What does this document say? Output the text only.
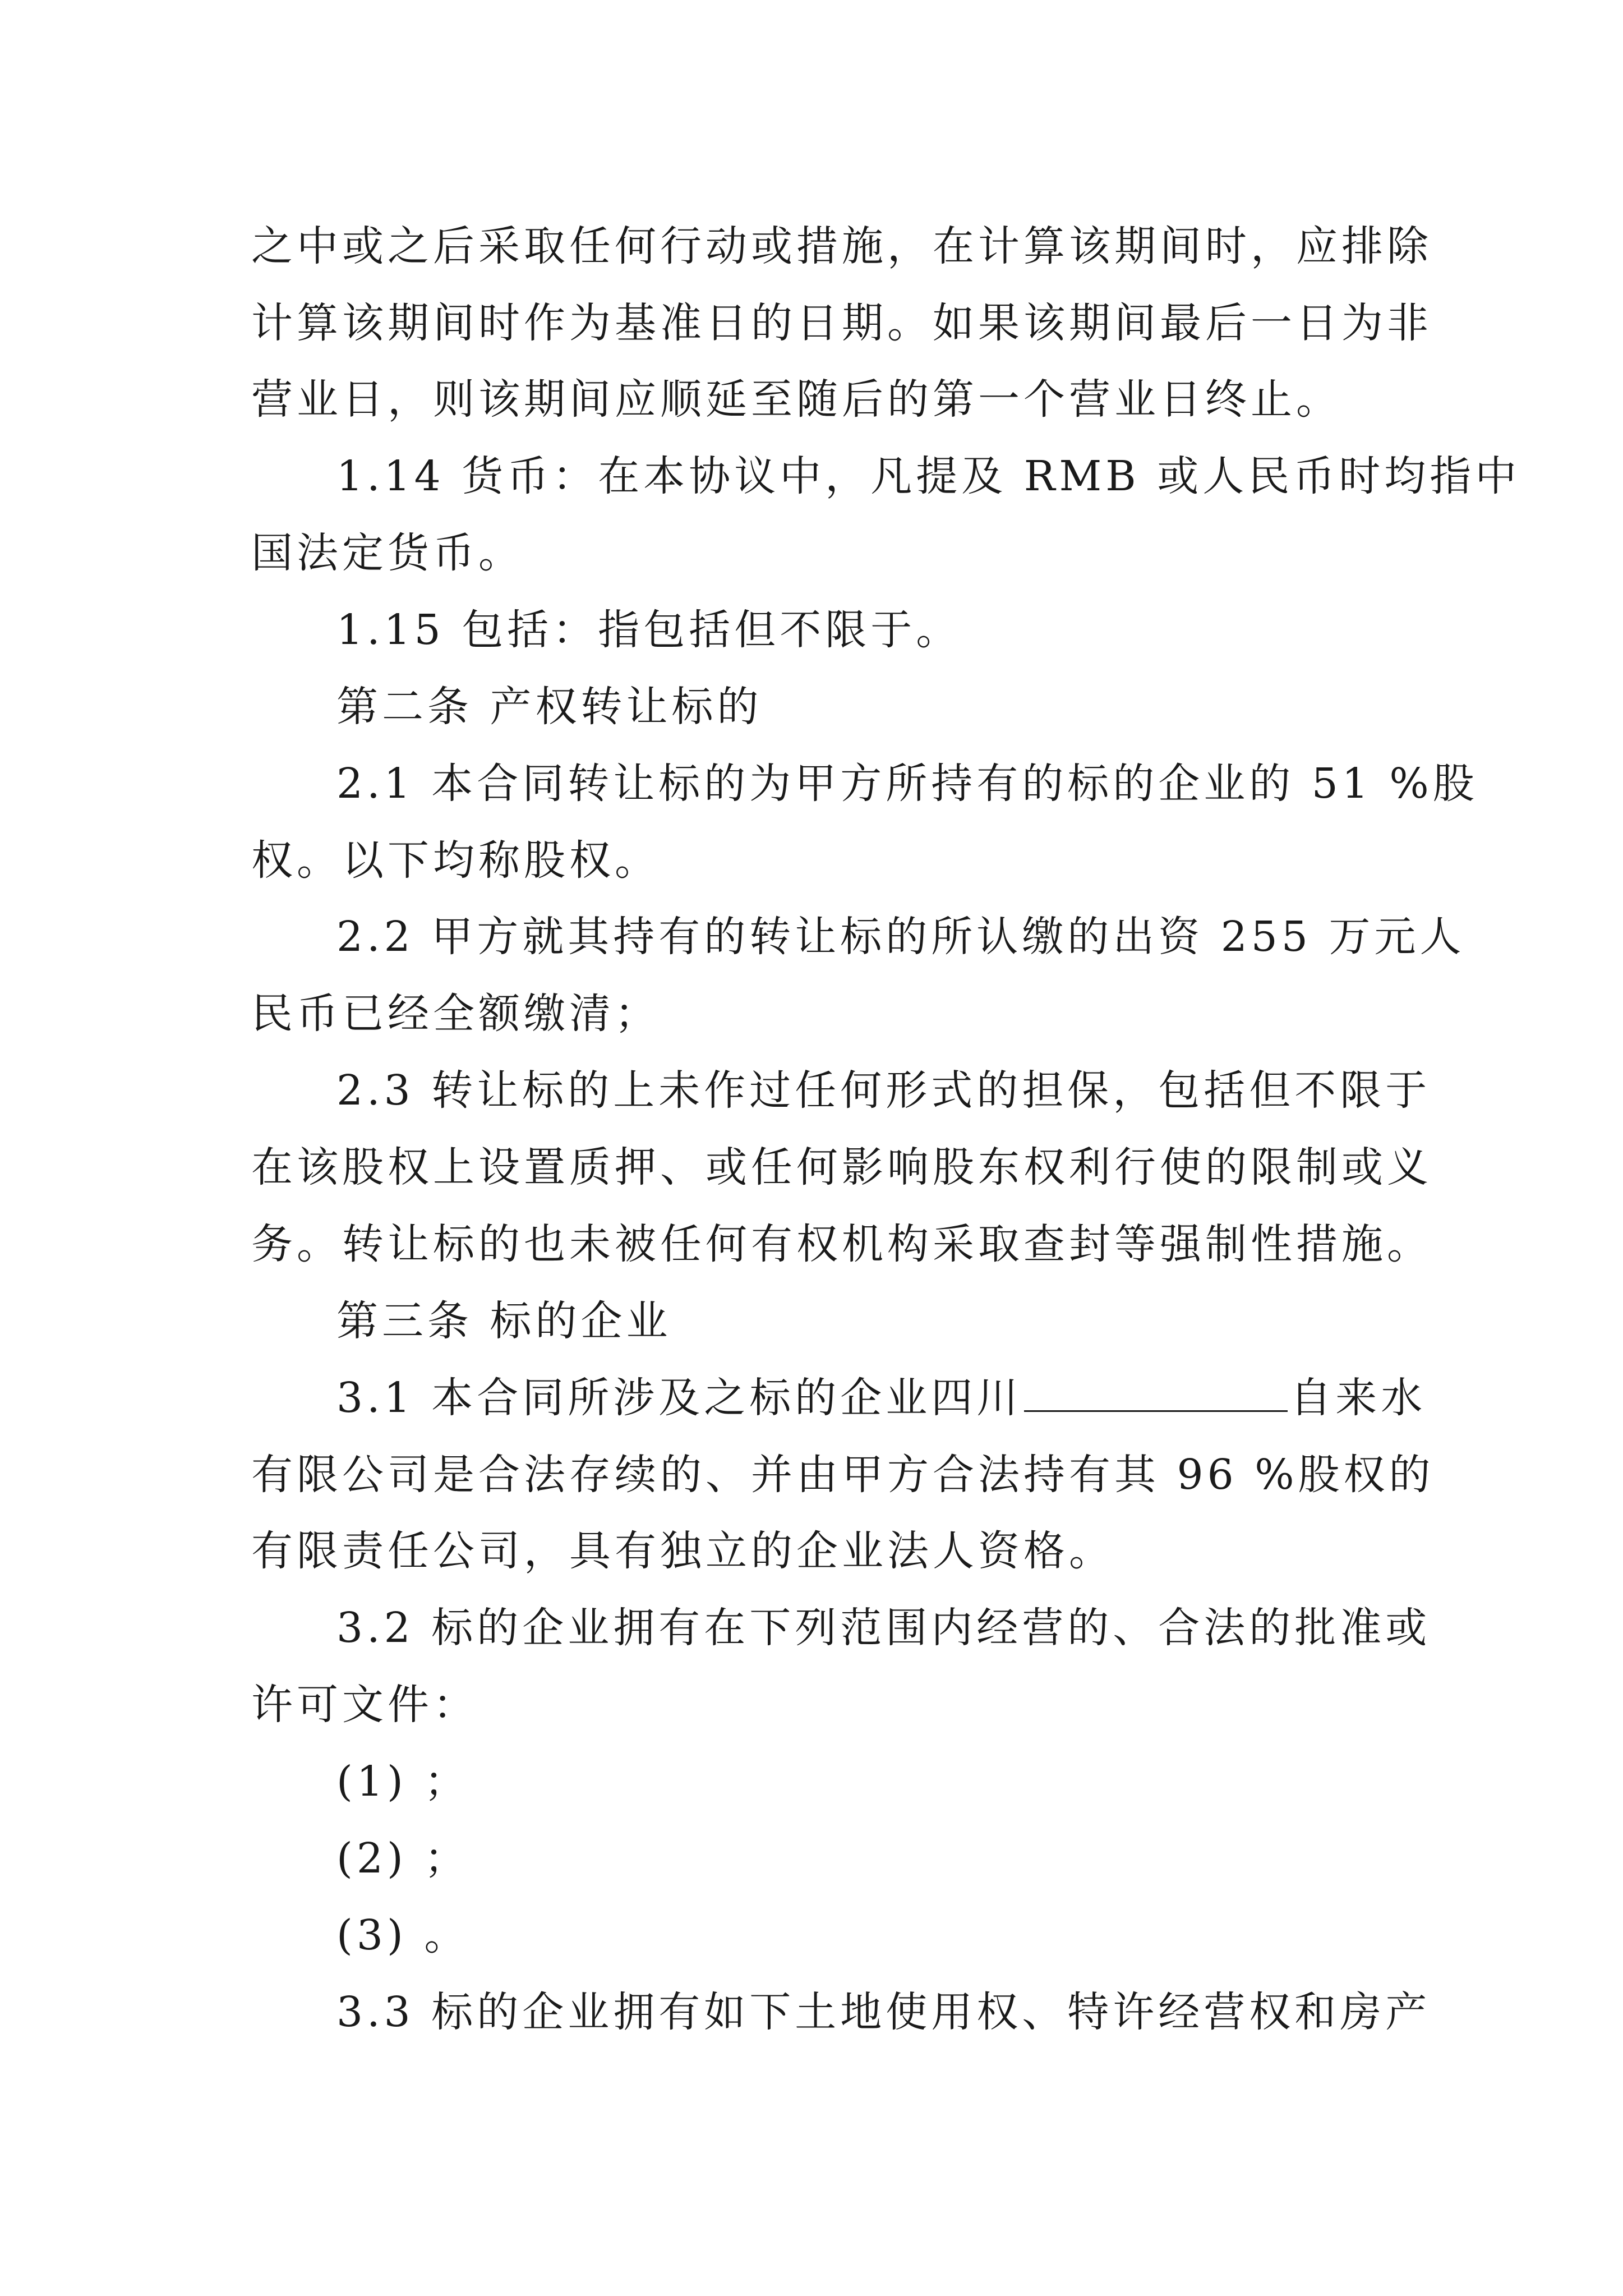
之中或之后采取任何行动或措施，在计算该期间时，应排除

计算该期间时作为基准日的日期。如果该期间最后一日为非

营业日，则该期间应顺延至随后的第一个营业日终止。

1.14 货币：在本协议中，凡提及 RMB 或人民币时均指中

国法定货币。

1.15 包括：指包括但不限于。

第二条 产权转让标的

2.1 本合同转让标的为甲方所持有的标的企业的 51 %股

权。以下均称股权。

2.2 甲方就其持有的转让标的所认缴的出资 255 万元人

民币已经全额缴清；

2.3 转让标的上未作过任何形式的担保，包括但不限于

在该股权上设置质押、或任何影响股东权利行使的限制或义

务。转让标的也未被任何有权机构采取查封等强制性措施。

第三条 标的企业

3.1 本合同所涉及之标的企业四川	自来水

有限公司是合法存续的、并由甲方合法持有其 96 %股权的

有限责任公司，具有独立的企业法人资格。

3.2 标的企业拥有在下列范围内经营的、合法的批准或

许可文件：

(1) ；

(2) ；

(3) 。

3.3 标的企业拥有如下土地使用权、特许经营权和房产
